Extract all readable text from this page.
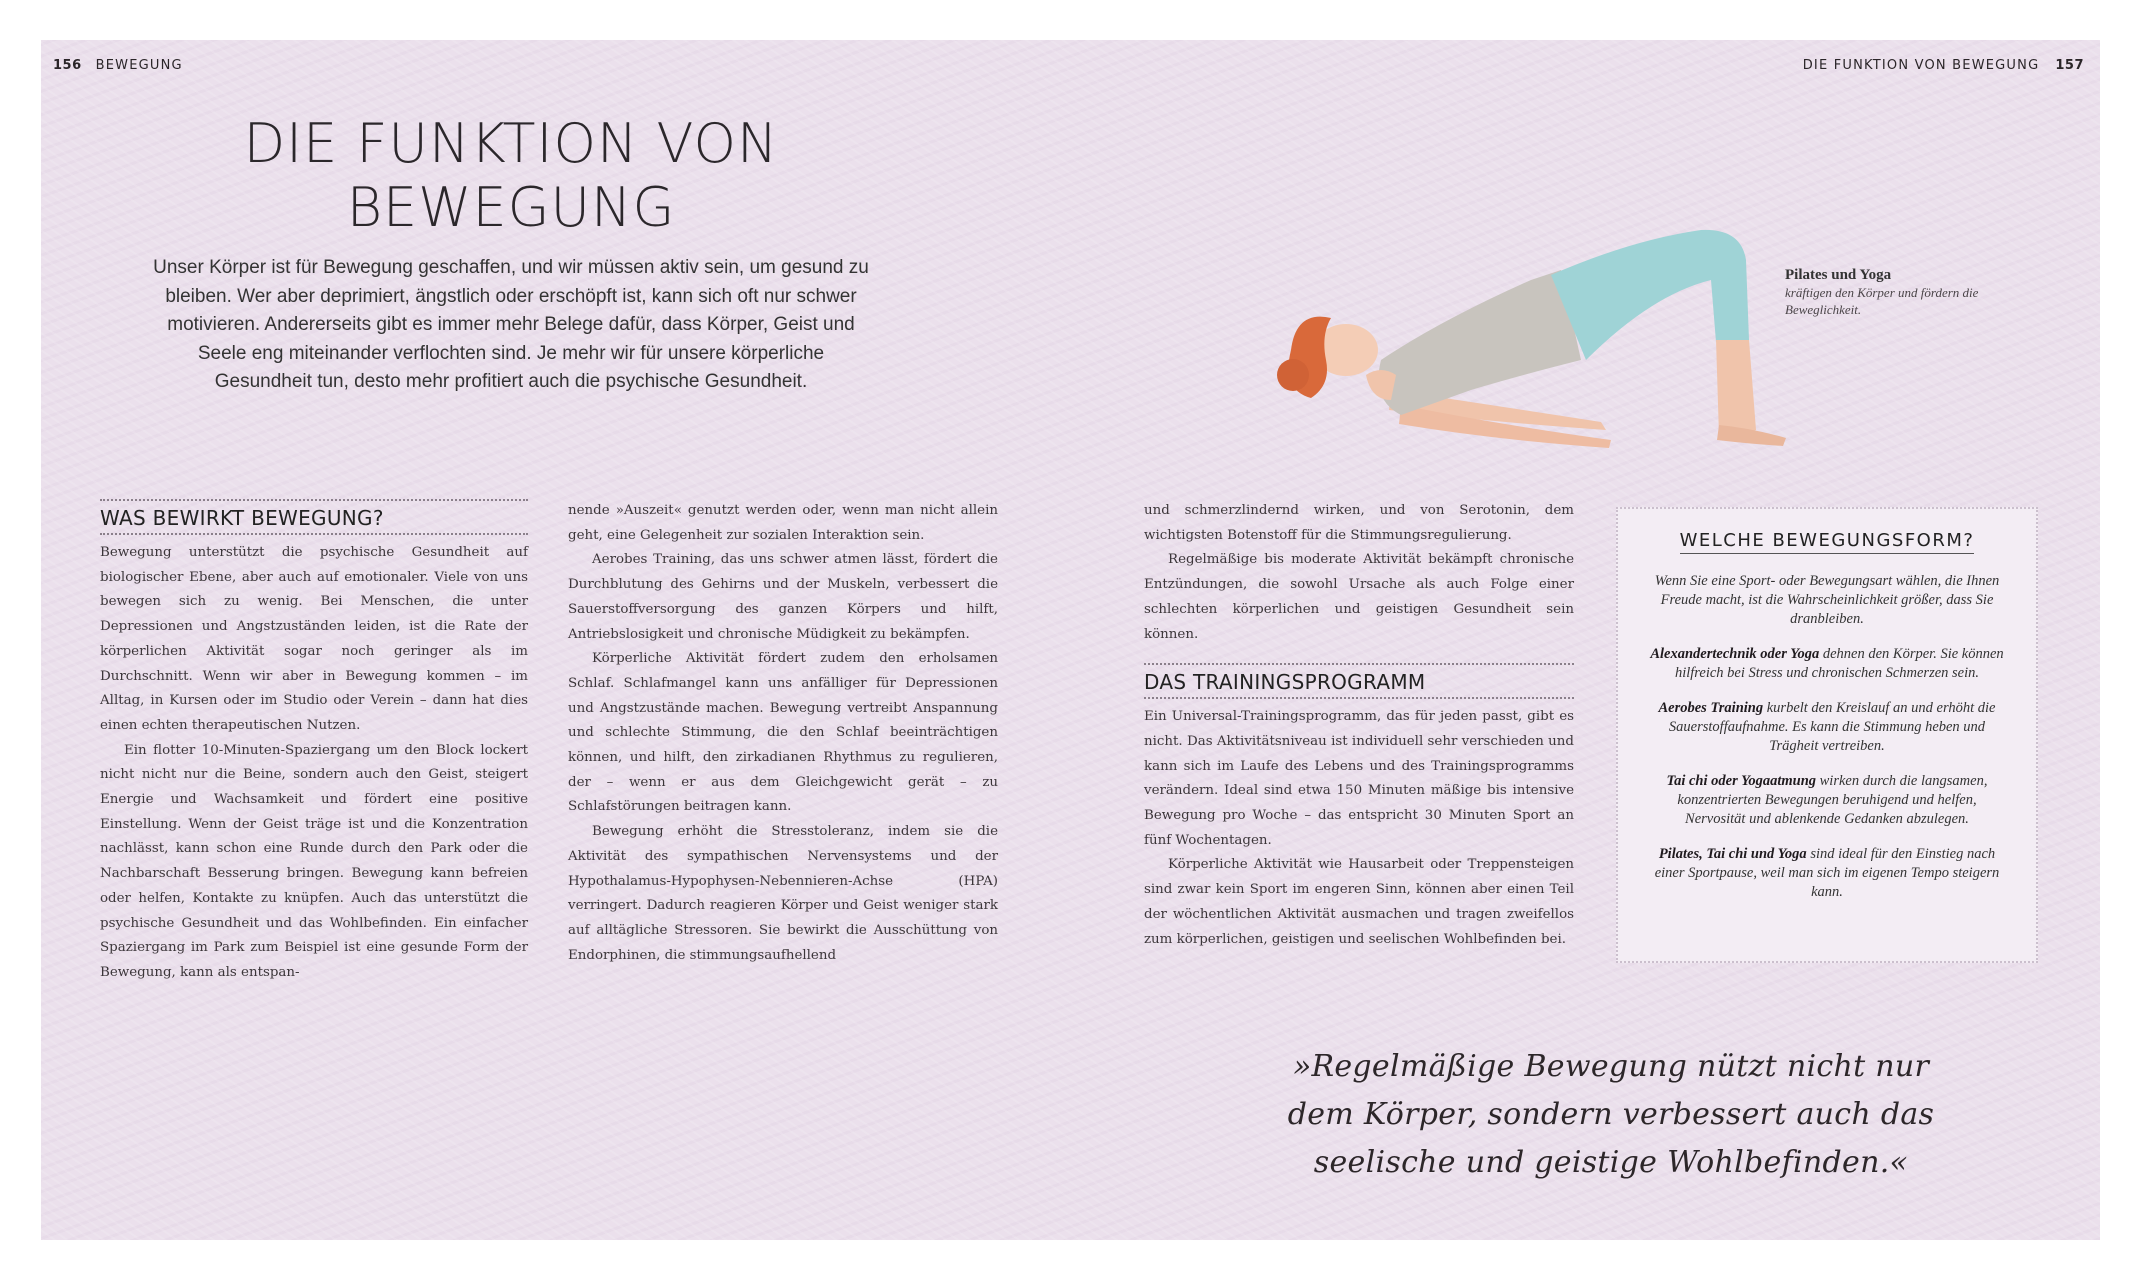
156 BEWEGUNG	DIE FUNKTION VON BEWEGUNG 157
DIE FUNKTION VON
BEWEGUNG

Unser Körper ist für Bewegung geschaffen, und wir müssen aktiv sein, um gesund zu bleiben. Wer aber deprimiert, ängstlich oder erschöpft ist, kann sich oft nur schwer motivieren. Andererseits gibt es immer mehr Belege dafür, dass Körper, Geist und Seele eng miteinander verflochten sind. Je mehr wir für unsere körperliche Gesundheit tun, desto mehr profitiert auch die psychische Gesundheit.

WAS BEWIRKT BEWEGUNG?

Bewegung unterstützt die psychische Gesundheit auf biologischer Ebene, aber auch auf emotionaler. Viele von uns bewegen sich zu wenig. Bei Menschen, die unter Depressionen und Angstzuständen leiden, ist die Rate der körperlichen Aktivität sogar noch geringer als im Durchschnitt. Wenn wir aber in Bewegung kommen – im Alltag, in Kursen oder im Studio oder Verein – dann hat dies einen echten therapeutischen Nutzen.

Ein flotter 10-Minuten-Spaziergang um den Block lockert nicht nicht nur die Beine, sondern auch den Geist, steigert Energie und Wachsamkeit und fördert eine positive Einstellung. Wenn der Geist träge ist und die Konzentration nachlässt, kann schon eine Runde durch den Park oder die Nachbarschaft Besserung bringen. Bewegung kann befreien oder helfen, Kontakte zu knüpfen. Auch das unterstützt die psychische Gesundheit und das Wohlbefinden. Ein einfacher Spaziergang im Park zum Beispiel ist eine gesunde Form der Bewegung, kann als entspan-

nende »Auszeit« genutzt werden oder, wenn man nicht allein geht, eine Gelegenheit zur sozialen Interaktion sein.

Aerobes Training, das uns schwer atmen lässt, fördert die Durchblutung des Gehirns und der Muskeln, verbessert die Sauerstoffversorgung des ganzen Körpers und hilft, Antriebslosigkeit und chronische Müdigkeit zu bekämpfen.

Körperliche Aktivität fördert zudem den erholsamen Schlaf. Schlafmangel kann uns anfälliger für Depressionen und Angstzustände machen. Bewegung vertreibt Anspannung und schlechte Stimmung, die den Schlaf beeinträchtigen können, und hilft, den zirkadianen Rhythmus zu regulieren, der – wenn er aus dem Gleichgewicht gerät – zu Schlafstörungen beitragen kann.

Bewegung erhöht die Stresstoleranz, indem sie die Aktivität des sympathischen Nervensystems und der Hypothalamus-Hypophysen-Nebennieren-Achse (HPA) verringert. Dadurch reagieren Körper und Geist weniger stark auf alltägliche Stressoren. Sie bewirkt die Ausschüttung von Endorphinen, die stimmungsaufhellend

und schmerzlindernd wirken, und von Serotonin, dem wichtigsten Botenstoff für die Stimmungsregulierung.

Regelmäßige bis moderate Aktivität bekämpft chronische Entzündungen, die sowohl Ursache als auch Folge einer schlechten körperlichen und geistigen Gesundheit sein können.

DAS TRAININGSPROGRAMM

Ein Universal-Trainingsprogramm, das für jeden passt, gibt es nicht. Das Aktivitätsniveau ist individuell sehr verschieden und kann sich im Laufe des Lebens und des Trainingsprogramms verändern. Ideal sind etwa 150 Minuten mäßige bis intensive Bewegung pro Woche – das entspricht 30 Minuten Sport an fünf Wochentagen.

Körperliche Aktivität wie Hausarbeit oder Treppensteigen sind zwar kein Sport im engeren Sinn, können aber einen Teil der wöchentlichen Aktivität ausmachen und tragen zweifellos zum körperlichen, geistigen und seelischen Wohlbefinden bei.

Pilates und Yoga
kräftigen den Körper und fördern die Beweglichkeit.
WELCHE BEWEGUNGSFORM?

Wenn Sie eine Sport- oder Bewegungsart wählen, die Ihnen Freude macht, ist die Wahrscheinlichkeit größer, dass Sie dranbleiben.

Alexandertechnik oder Yoga dehnen den Körper. Sie können hilfreich bei Stress und chronischen Schmerzen sein.

Aerobes Training kurbelt den Kreislauf an und erhöht die Sauerstoffaufnahme. Es kann die Stimmung heben und Trägheit vertreiben.

Tai chi oder Yogaatmung wirken durch die langsamen, konzentrierten Bewegungen beruhigend und helfen, Nervosität und ablenkende Gedanken abzulegen.

Pilates, Tai chi und Yoga sind ideal für den Einstieg nach einer Sportpause, weil man sich im eigenen Tempo steigern kann.

»Regelmäßige Bewegung nützt nicht nur dem Körper, sondern verbessert auch das seelische und geistige Wohlbefinden.«
